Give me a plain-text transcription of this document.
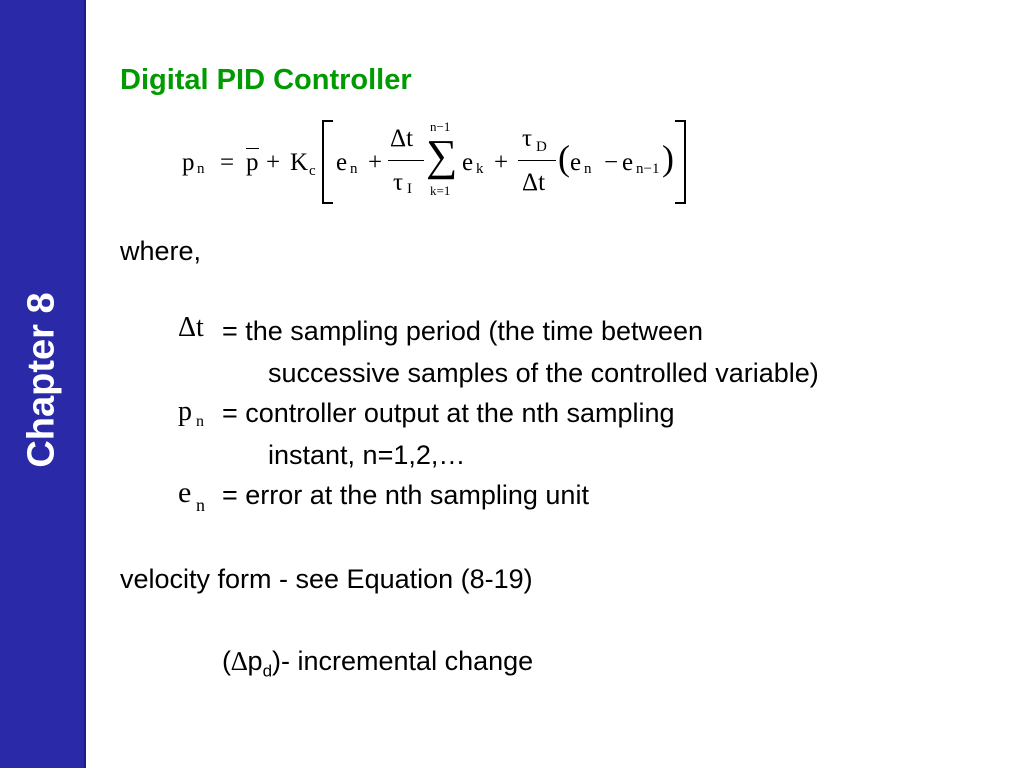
Chapter 8
Digital PID Controller
p n = p + K c e n +
Δt
τ I
n−1
∑
k=1
e k +
τ D
Δt
( e n − e n−1 )
where,
Δt = the sampling period (the time between
successive samples of the controlled variable)
p n = controller output at the nth sampling
instant, n=1,2,…
e n = error at the nth sampling unit
velocity form - see Equation (8-19)
$(\Delta p_d)-$ incremental change
